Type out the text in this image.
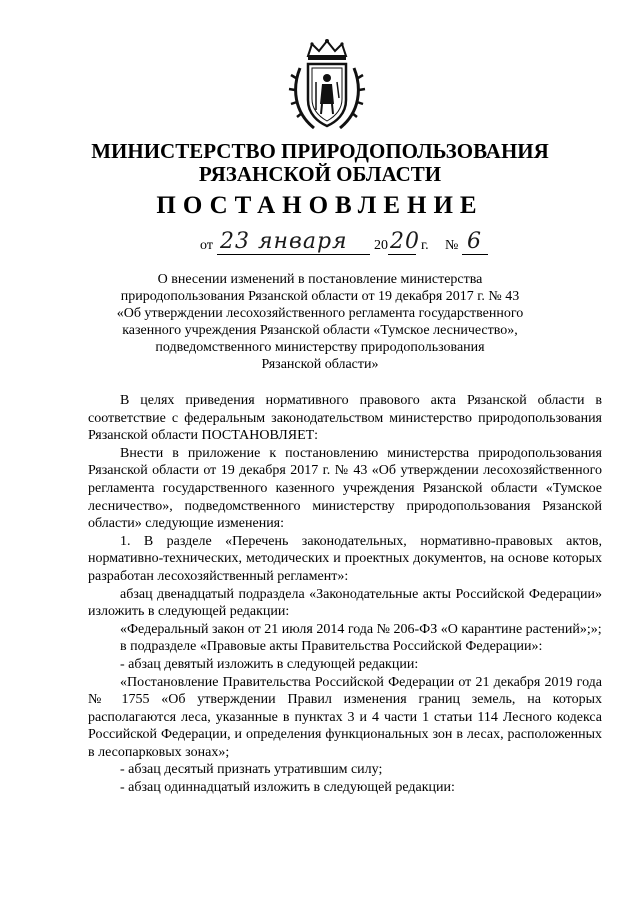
МИНИСТЕРСТВО ПРИРОДОПОЛЬЗОВАНИЯ
РЯЗАНСКОЙ ОБЛАСТИ
ПОСТАНОВЛЕНИЕ
от 23 января 20 20 г. № 6
О внесении изменений в постановление министерства
природопользования Рязанской области от 19 декабря 2017 г. № 43
«Об утверждении лесохозяйственного регламента государственного
казенного учреждения Рязанской области «Тумское лесничество»,
подведомственного министерству природопользования
Рязанской области»

В целях приведения нормативного правового акта Рязанской области в соответствие с федеральным законодательством министерство природопользования Рязанской области ПОСТАНОВЛЯЕТ:

Внести в приложение к постановлению министерства природопользования Рязанской области от 19 декабря 2017 г. № 43 «Об утверждении лесохозяйственного регламента государственного казенного учреждения Рязанской области «Тумское лесничество», подведомственного министерству природопользования Рязанской области» следующие изменения:

1. В разделе «Перечень законодательных, нормативно-правовых актов, нормативно-технических, методических и проектных документов, на основе которых разработан лесохозяйственный регламент»:

абзац двенадцатый подраздела «Законодательные акты Российской Федерации» изложить в следующей редакции:

«Федеральный закон от 21 июля 2014 года № 206-ФЗ «О карантине растений»;»;

в подразделе «Правовые акты Правительства Российской Федерации»:

- абзац девятый изложить в следующей редакции:

«Постановление Правительства Российской Федерации от 21 декабря 2019 года № 1755 «Об утверждении Правил изменения границ земель, на которых располагаются леса, указанные в пунктах 3 и 4 части 1 статьи 114 Лесного кодекса Российской Федерации, и определения функциональных зон в лесах, расположенных в лесопарковых зонах»;

- абзац десятый признать утратившим силу;

- абзац одиннадцатый изложить в следующей редакции:
